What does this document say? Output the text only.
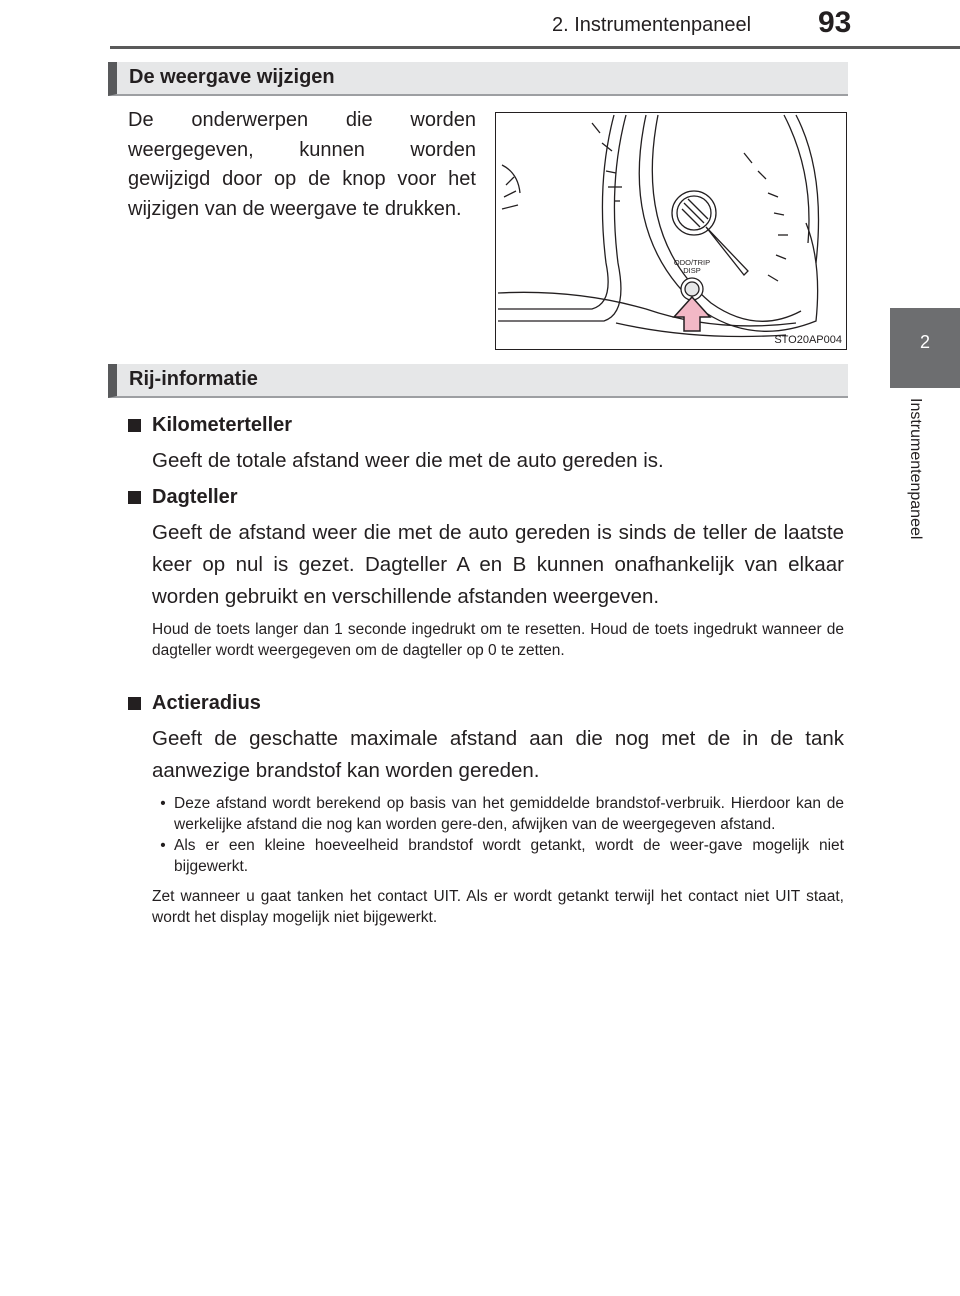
2. Instrumentenpaneel 93
2
Instrumentenpaneel
De weergave wijzigen
De onderwerpen die worden weergegeven, kunnen worden gewijzigd door op de knop voor het wijzigen van de weergave te drukken.
ODO/TRIP
DISP
STO20AP004
Rij-informatie
Kilometerteller
Geeft de totale afstand weer die met de auto gereden is.
Dagteller
Geeft de afstand weer die met de auto gereden is sinds de teller de laatste keer op nul is gezet. Dagteller A en B kunnen onafhankelijk van elkaar worden gebruikt en verschillende afstanden weergeven.
Houd de toets langer dan 1 seconde ingedrukt om te resetten. Houd de toets ingedrukt wanneer de dagteller wordt weergegeven om de dagteller op 0 te zetten.
Actieradius
Geeft de geschatte maximale afstand aan die nog met de in de tank aanwezige brandstof kan worden gereden.
• Deze afstand wordt berekend op basis van het gemiddelde brandstof-verbruik. Hierdoor kan de werkelijke afstand die nog kan worden gere-den, afwijken van de weergegeven afstand.
• Als er een kleine hoeveelheid brandstof wordt getankt, wordt de weer-gave mogelijk niet bijgewerkt.
Zet wanneer u gaat tanken het contact UIT. Als er wordt getankt terwijl het contact niet UIT staat, wordt het display mogelijk niet bijgewerkt.
